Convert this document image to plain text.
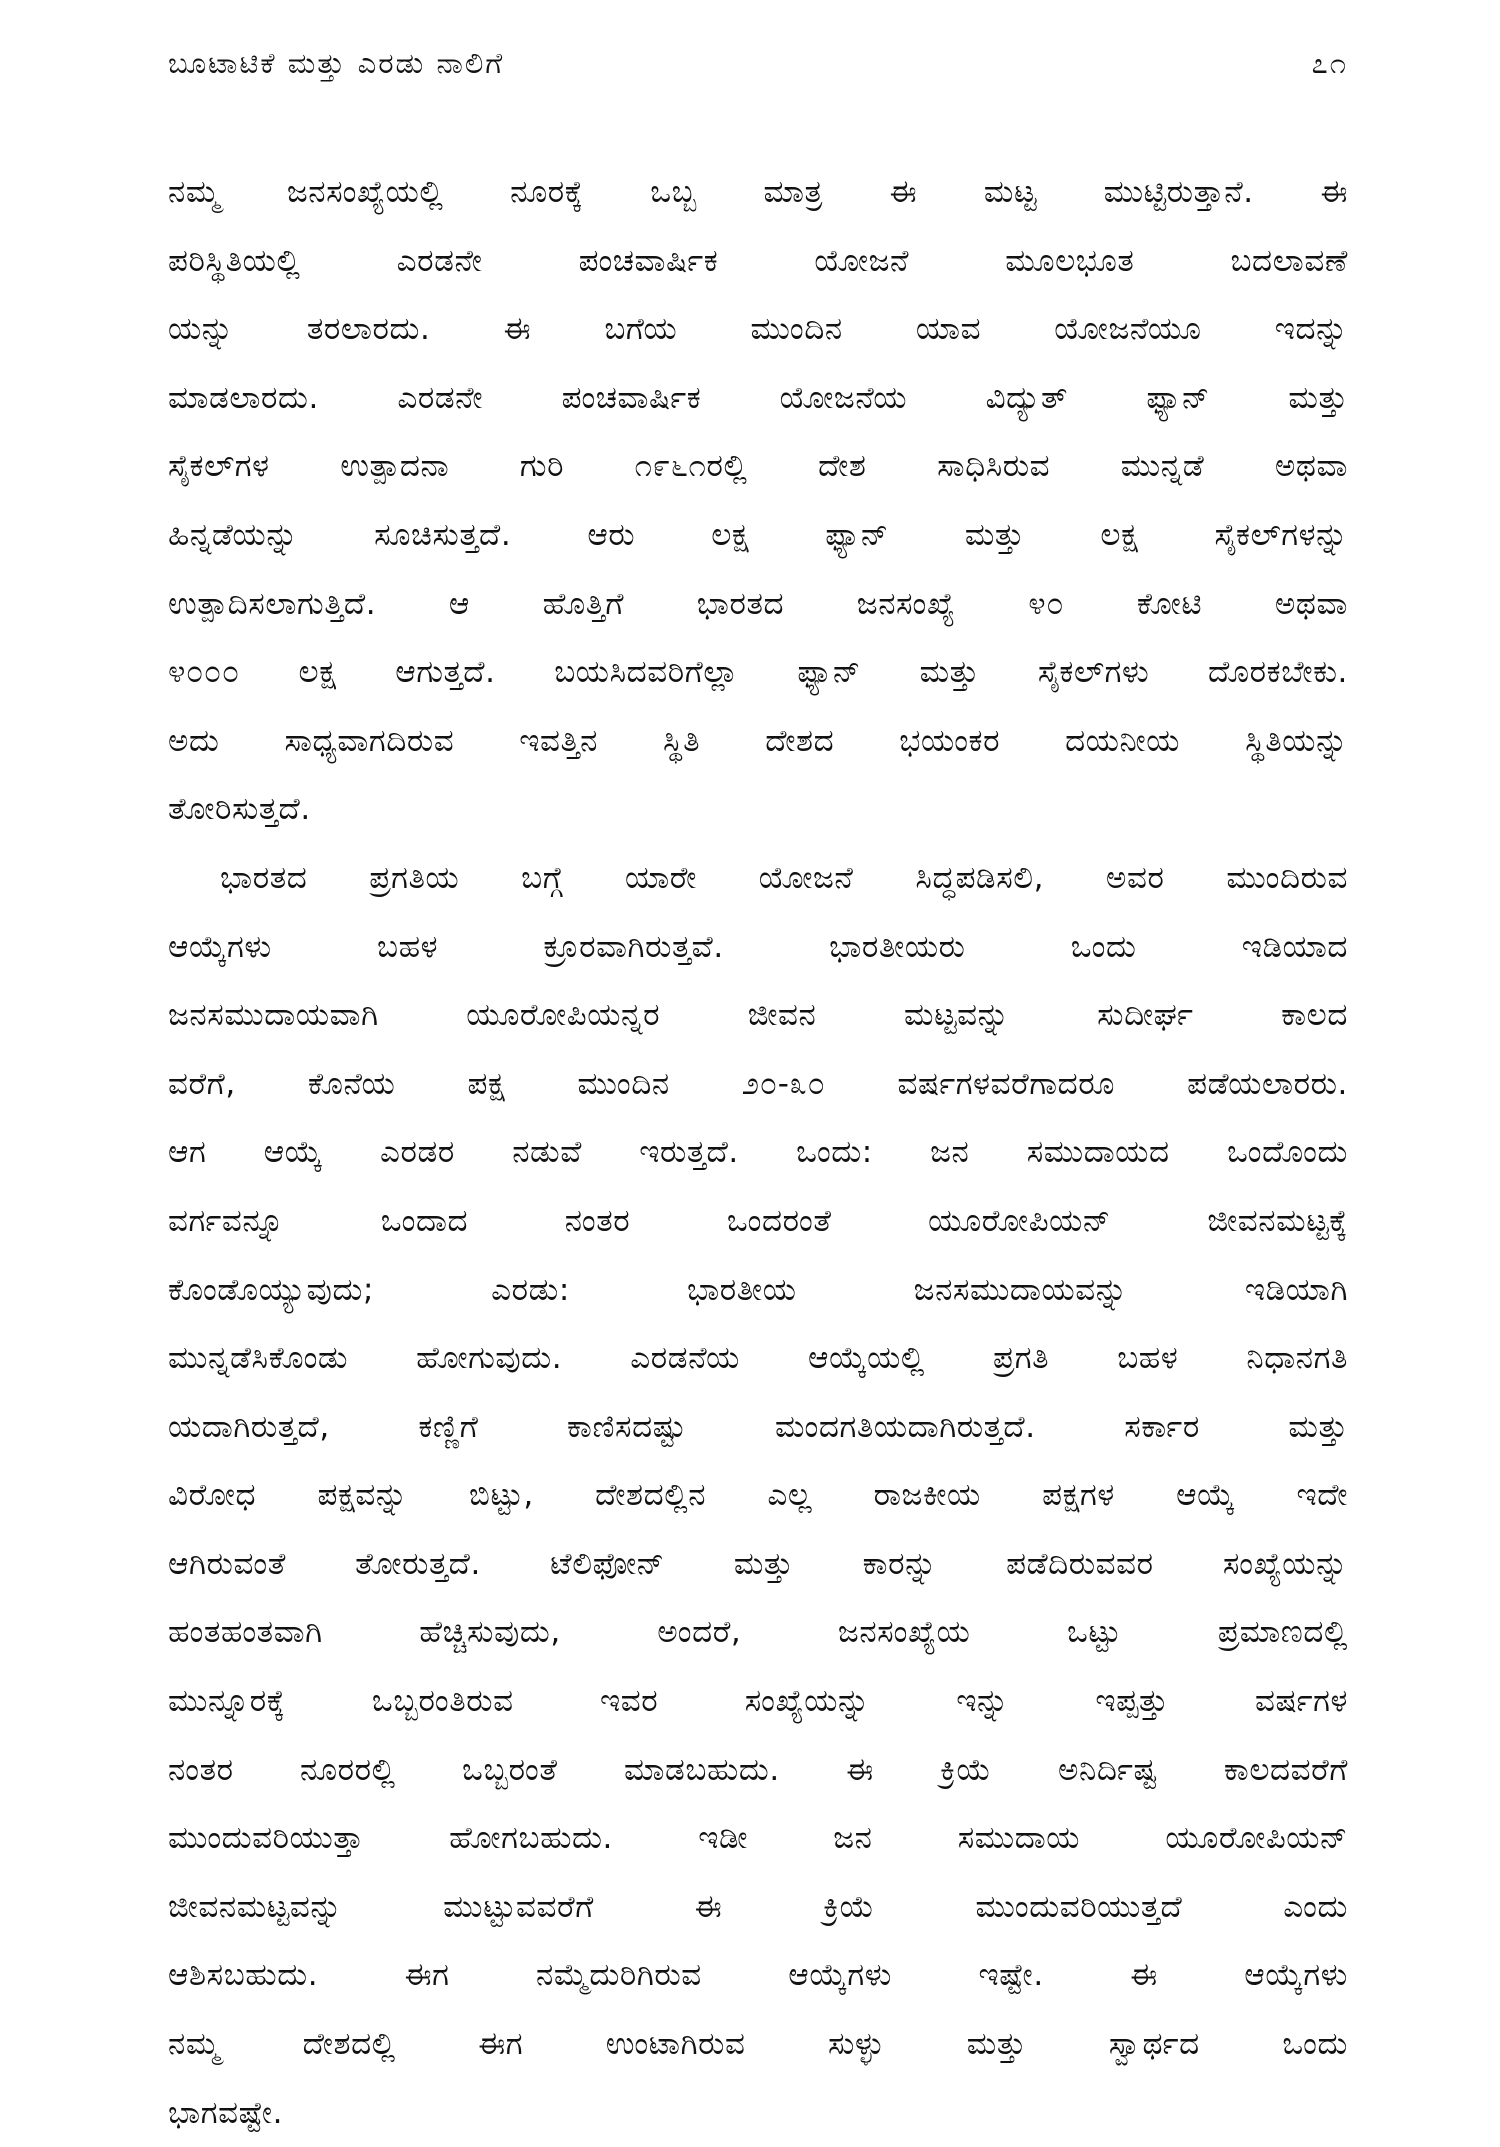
ಬೂಟಾಟಿಕೆ ಮತ್ತು ಎರಡು ನಾಲಿಗೆ	೭೧
ನಮ್ಮ ಜನಸಂಖ್ಯೆಯಲ್ಲಿ ನೂರಕ್ಕೆ ಒಬ್ಬ ಮಾತ್ರ ಈ ಮಟ್ಟ ಮುಟ್ಟಿರುತ್ತಾನೆ. ಈ
ಪರಿಸ್ಥಿತಿಯಲ್ಲಿ ಎರಡನೇ ಪಂಚವಾರ್ಷಿಕ ಯೋಜನೆ ಮೂಲಭೂತ ಬದಲಾವಣೆ
ಯನ್ನು ತರಲಾರದು. ಈ ಬಗೆಯ ಮುಂದಿನ ಯಾವ ಯೋಜನೆಯೂ ಇದನ್ನು
ಮಾಡಲಾರದು. ಎರಡನೇ ಪಂಚವಾರ್ಷಿಕ ಯೋಜನೆಯ ವಿದ್ಯುತ್ ಫ್ಯಾನ್ ಮತ್ತು
ಸೈಕಲ್‌ಗಳ ಉತ್ಪಾದನಾ ಗುರಿ ೧೯೬೧ರಲ್ಲಿ ದೇಶ ಸಾಧಿಸಿರುವ ಮುನ್ನಡೆ ಅಥವಾ
ಹಿನ್ನಡೆಯನ್ನು ಸೂಚಿಸುತ್ತದೆ. ಆರು ಲಕ್ಷ ಫ್ಯಾನ್ ಮತ್ತು ಲಕ್ಷ ಸೈಕಲ್‌ಗಳನ್ನು
ಉತ್ಪಾದಿಸಲಾಗುತ್ತಿದೆ. ಆ ಹೊತ್ತಿಗೆ ಭಾರತದ ಜನಸಂಖ್ಯೆ ೪೦ ಕೋಟಿ ಅಥವಾ
೪೦೦೦ ಲಕ್ಷ ಆಗುತ್ತದೆ. ಬಯಸಿದವರಿಗೆಲ್ಲಾ ಫ್ಯಾನ್ ಮತ್ತು ಸೈಕಲ್‌ಗಳು ದೊರಕಬೇಕು.
ಅದು ಸಾಧ್ಯವಾಗದಿರುವ ಇವತ್ತಿನ ಸ್ಥಿತಿ ದೇಶದ ಭಯಂಕರ ದಯನೀಯ ಸ್ಥಿತಿಯನ್ನು
ತೋರಿಸುತ್ತದೆ.
ಭಾರತದ ಪ್ರಗತಿಯ ಬಗ್ಗೆ ಯಾರೇ ಯೋಜನೆ ಸಿದ್ಧಪಡಿಸಲಿ, ಅವರ ಮುಂದಿರುವ
ಆಯ್ಕೆಗಳು ಬಹಳ ಕ್ರೂರವಾಗಿರುತ್ತವೆ. ಭಾರತೀಯರು ಒಂದು ಇಡಿಯಾದ
ಜನಸಮುದಾಯವಾಗಿ ಯೂರೋಪಿಯನ್ನರ ಜೀವನ ಮಟ್ಟವನ್ನು ಸುದೀರ್ಘ ಕಾಲದ
ವರೆಗೆ, ಕೊನೆಯ ಪಕ್ಷ ಮುಂದಿನ ೨೦-೩೦ ವರ್ಷಗಳವರೆಗಾದರೂ ಪಡೆಯಲಾರರು.
ಆಗ ಆಯ್ಕೆ ಎರಡರ ನಡುವೆ ಇರುತ್ತದೆ. ಒಂದು: ಜನ ಸಮುದಾಯದ ಒಂದೊಂದು
ವರ್ಗವನ್ನೂ ಒಂದಾದ ನಂತರ ಒಂದರಂತೆ ಯೂರೋಪಿಯನ್ ಜೀವನಮಟ್ಟಕ್ಕೆ
ಕೊಂಡೊಯ್ಯುವುದು; ಎರಡು: ಭಾರತೀಯ ಜನಸಮುದಾಯವನ್ನು ಇಡಿಯಾಗಿ
ಮುನ್ನಡೆಸಿಕೊಂಡು ಹೋಗುವುದು. ಎರಡನೆಯ ಆಯ್ಕೆಯಲ್ಲಿ ಪ್ರಗತಿ ಬಹಳ ನಿಧಾನಗತಿ
ಯದಾಗಿರುತ್ತದೆ, ಕಣ್ಣಿಗೆ ಕಾಣಿಸದಷ್ಟು ಮಂದಗತಿಯದಾಗಿರುತ್ತದೆ. ಸರ್ಕಾರ ಮತ್ತು
ವಿರೋಧ ಪಕ್ಷವನ್ನು ಬಿಟ್ಟು, ದೇಶದಲ್ಲಿನ ಎಲ್ಲ ರಾಜಕೀಯ ಪಕ್ಷಗಳ ಆಯ್ಕೆ ಇದೇ
ಆಗಿರುವಂತೆ ತೋರುತ್ತದೆ. ಟೆಲಿಫೋನ್ ಮತ್ತು ಕಾರನ್ನು ಪಡೆದಿರುವವರ ಸಂಖ್ಯೆಯನ್ನು
ಹಂತಹಂತವಾಗಿ ಹೆಚ್ಚಿಸುವುದು, ಅಂದರೆ, ಜನಸಂಖ್ಯೆಯ ಒಟ್ಟು ಪ್ರಮಾಣದಲ್ಲಿ
ಮುನ್ನೂರಕ್ಕೆ ಒಬ್ಬರಂತಿರುವ ಇವರ ಸಂಖ್ಯೆಯನ್ನು ಇನ್ನು ಇಪ್ಪತ್ತು ವರ್ಷಗಳ
ನಂತರ ನೂರರಲ್ಲಿ ಒಬ್ಬರಂತೆ ಮಾಡಬಹುದು. ಈ ಕ್ರಿಯೆ ಅನಿರ್ದಿಷ್ಟ ಕಾಲದವರೆಗೆ
ಮುಂದುವರಿಯುತ್ತಾ ಹೋಗಬಹುದು. ಇಡೀ ಜನ ಸಮುದಾಯ ಯೂರೋಪಿಯನ್
ಜೀವನಮಟ್ಟವನ್ನು ಮುಟ್ಟುವವರೆಗೆ ಈ ಕ್ರಿಯೆ ಮುಂದುವರಿಯುತ್ತದೆ ಎಂದು
ಆಶಿಸಬಹುದು. ಈಗ ನಮ್ಮೆದುರಿಗಿರುವ ಆಯ್ಕೆಗಳು ಇಷ್ಟೇ. ಈ ಆಯ್ಕೆಗಳು
ನಮ್ಮ ದೇಶದಲ್ಲಿ ಈಗ ಉಂಟಾಗಿರುವ ಸುಳ್ಳು ಮತ್ತು ಸ್ವಾರ್ಥದ ಒಂದು
ಭಾಗವಷ್ಟೇ.
